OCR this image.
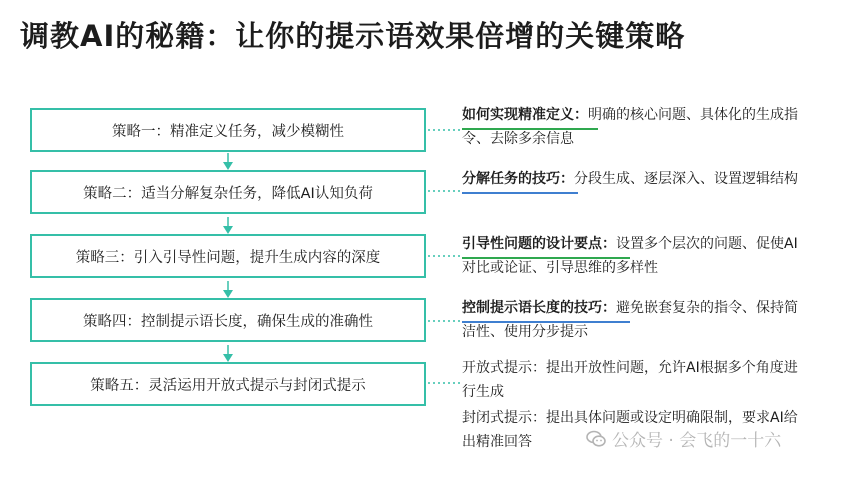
调教AI的秘籍：让你的提示语效果倍增的关键策略
策略一：精准定义任务，减少模糊性
策略二：适当分解复杂任务，降低AI认知负荷
策略三：引入引导性问题，提升生成内容的深度
策略四：控制提示语长度，确保生成的准确性
策略五：灵活运用开放式提示与封闭式提示
如何实现精准定义：明确的核心问题、具体化的生成指令、去除多余信息
分解任务的技巧：分段生成、逐层深入、设置逻辑结构
引导性问题的设计要点：设置多个层次的问题、促使AI对比或论证、引导思维的多样性
控制提示语长度的技巧：避免嵌套复杂的指令、保持简洁性、使用分步提示
开放式提示：提出开放性问题，允许AI根据多个角度进行生成
封闭式提示：提出具体问题或设定明确限制，要求AI给出精准回答	公众号 · 会飞的一十六
